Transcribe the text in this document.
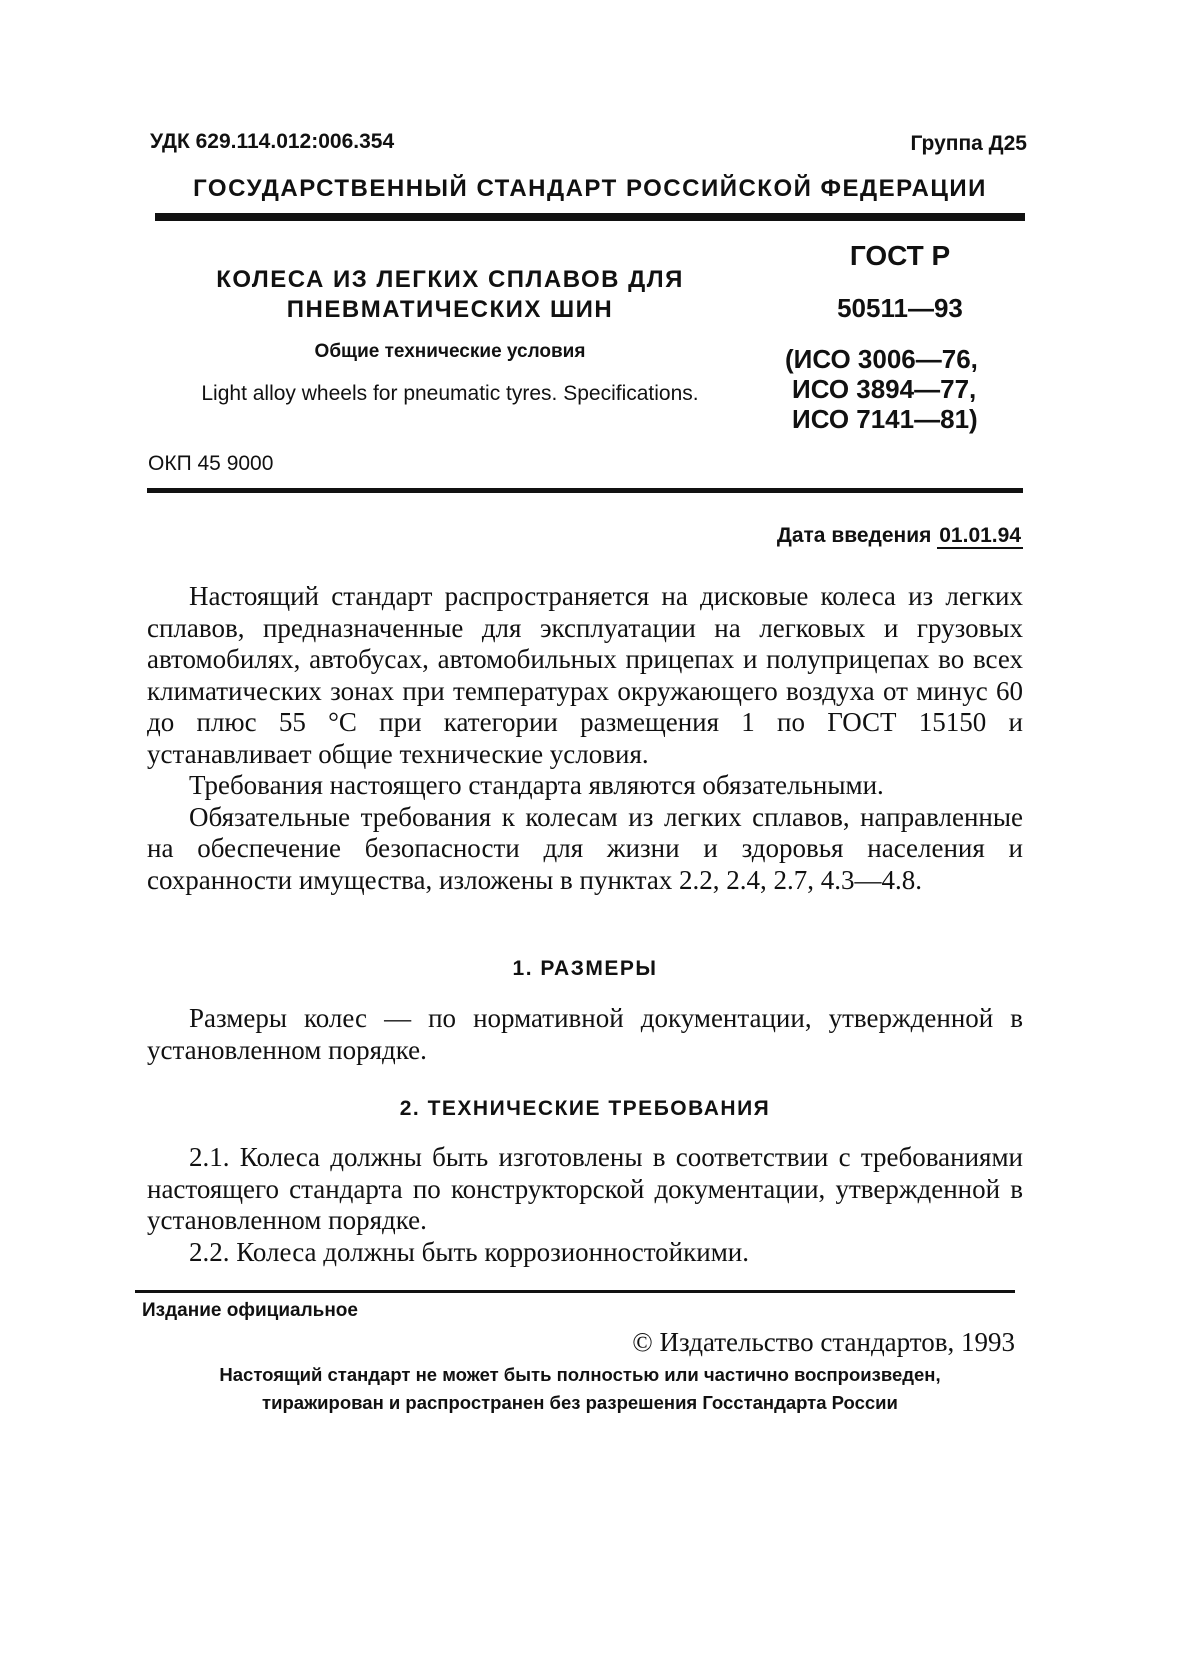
УДК 629.114.012:006.354	Группа Д25
ГОСУДАРСТВЕННЫЙ СТАНДАРТ РОССИЙСКОЙ ФЕДЕРАЦИИ
КОЛЕСА ИЗ ЛЕГКИХ СПЛАВОВ ДЛЯ
ПНЕВМАТИЧЕСКИХ ШИН
Общие технические условия
Light alloy wheels for pneumatic tyres. Specifications.
ГОСТ Р
50511—93
(ИСО 3006—76,
ИСО 3894—77,
ИСО 7141—81)
ОКП 45 9000
Дата введения 01.01.94

Настоящий стандарт распространяется на дисковые колеса из легких сплавов, предназначенные для эксплуатации на легковых и грузовых автомобилях, автобусах, автомобильных прицепах и полуприцепах во всех климатических зонах при температурах окружающего воздуха от минус 60 до плюс 55 °С при категории размещения 1 по ГОСТ 15150 и устанавливает общие технические условия.

Требования настоящего стандарта являются обязательными.

Обязательные требования к колесам из легких сплавов, направленные на обеспечение безопасности для жизни и здоровья населения и сохранности имущества, изложены в пунктах 2.2, 2.4, 2.7, 4.3—4.8.

1. РАЗМЕРЫ

Размеры колес — по нормативной документации, утвержденной в установленном порядке.

2. ТЕХНИЧЕСКИЕ ТРЕБОВАНИЯ

2.1. Колеса должны быть изготовлены в соответствии с требованиями настоящего стандарта по конструкторской документации, утвержденной в установленном порядке.

2.2. Колеса должны быть коррозионностойкими.

Издание официальное
© Издательство стандартов, 1993
Настоящий стандарт не может быть полностью или частично воспроизведен,
тиражирован и распространен без разрешения Госстандарта России
